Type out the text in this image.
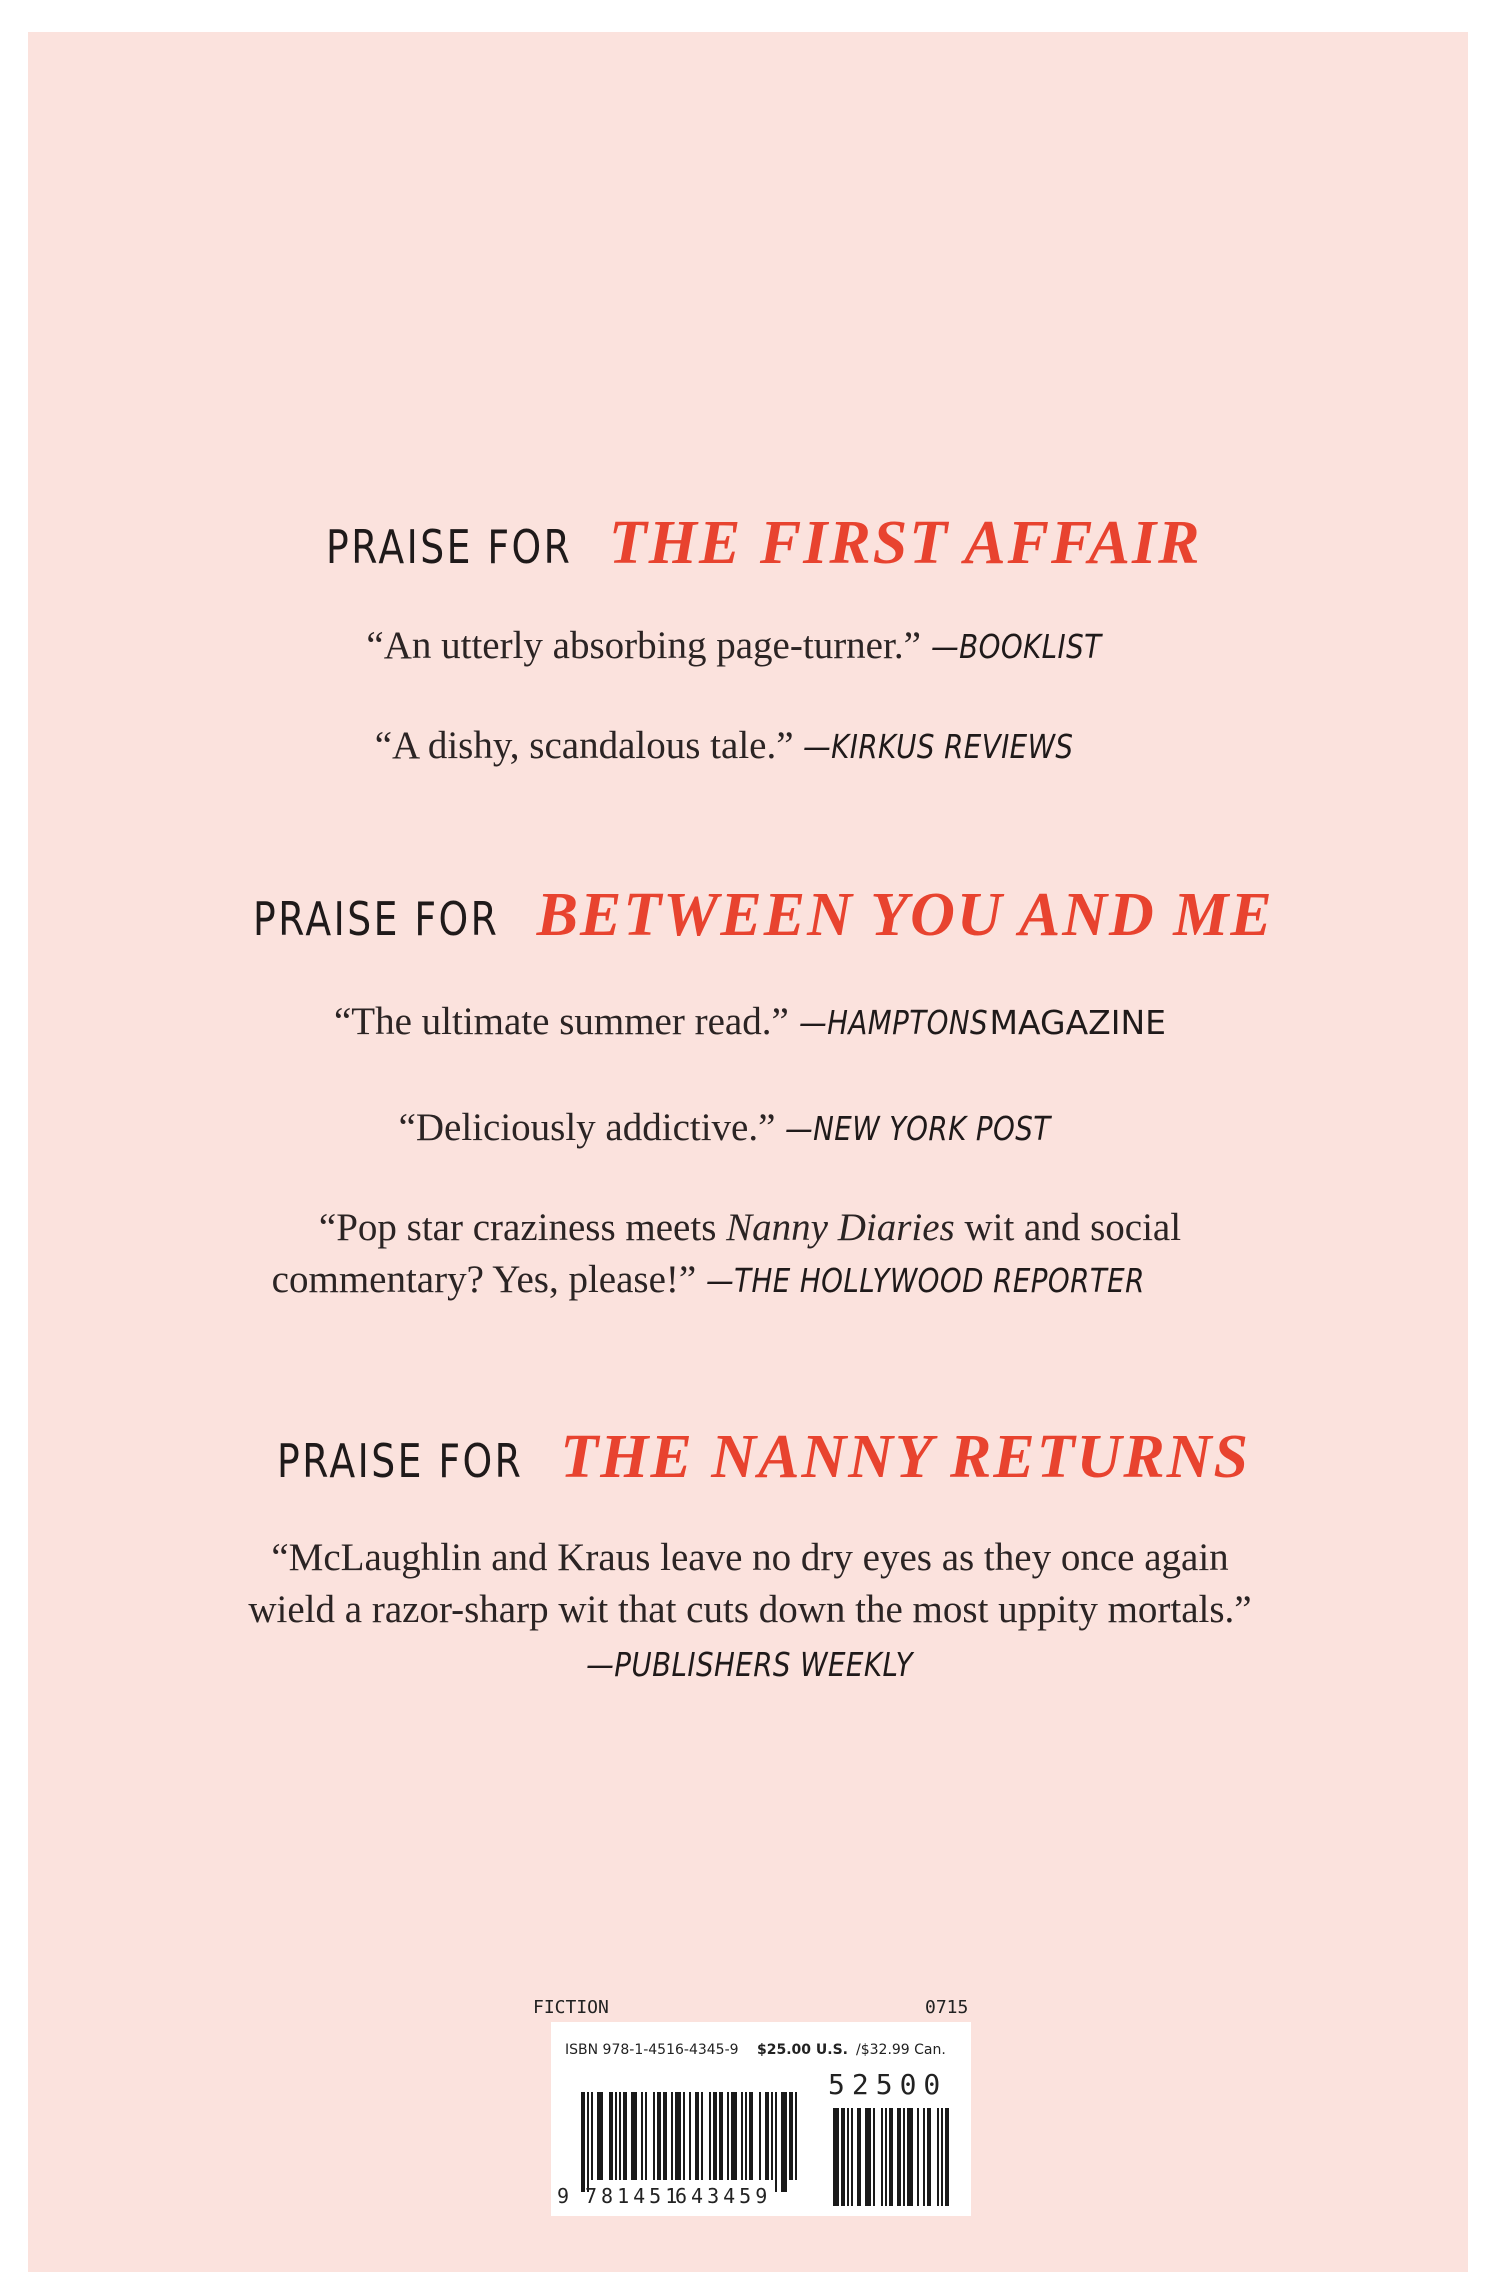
PRAISE FOR THE FIRST AFFAIR
“An utterly absorbing page-turner.” —BOOKLIST
“A dishy, scandalous tale.” —KIRKUS REVIEWS
PRAISE FOR BETWEEN YOU AND ME
“The ultimate summer read.” —HAMPTONSMAGAZINE
“Deliciously addictive.” —NEW YORK POST
“Pop star craziness meets Nanny Diaries wit and social
commentary? Yes, please!” —THE HOLLYWOOD REPORTER
PRAISE FOR THE NANNY RETURNS
“McLaughlin and Kraus leave no dry eyes as they once again
wield a razor-sharp wit that cuts down the most uppity mortals.”
—PUBLISHERS WEEKLY
FICTION	0715
ISBN 978-1-4516-4345-9 $25.00 U.S. /$32.99 Can.
52500
9 781451
643459
